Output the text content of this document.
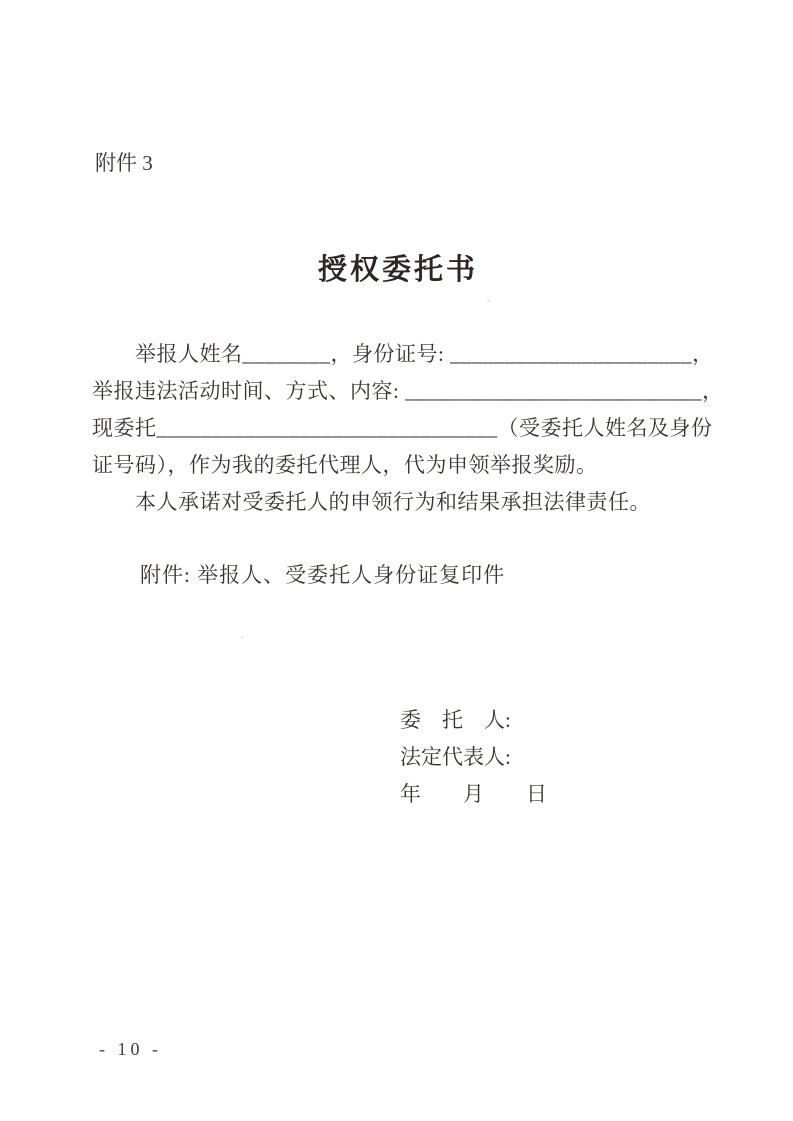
附件 3
授权委托书

举报人姓名________，身份证号: ______________________，

举报违法活动时间、方式、内容: ___________________________，

现委托_______________________________（受委托人姓名及身份

证号码），作为我的委托代理人，代为申领举报奖励。

本人承诺对受委托人的申领行为和结果承担法律责任。

附件: 举报人、受委托人身份证复印件
委　托　人:
法定代表人:
年　　月　　日
- 10 -
